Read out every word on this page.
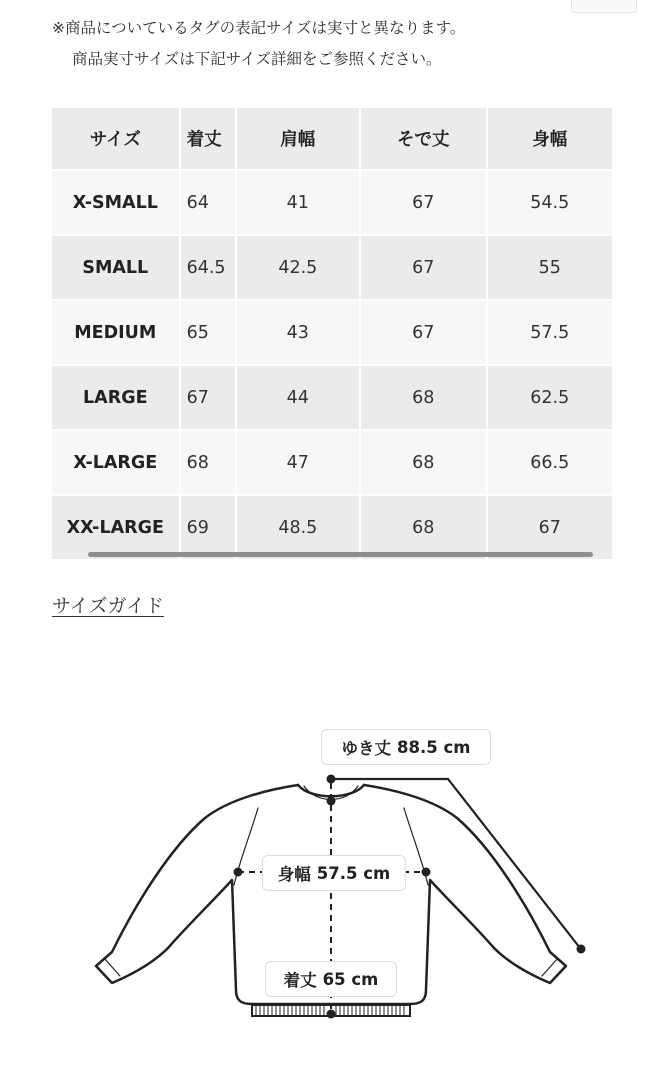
※商品についているタグの表記サイズは実寸と異なります。
商品実寸サイズは下記サイズ詳細をご参照ください。
サイズ	着丈	肩幅	そで丈	身幅
X-SMALL	64	41	67	54.5
SMALL	64.5	42.5	67	55
MEDIUM	65	43	67	57.5
LARGE	67	44	68	62.5
X-LARGE	68	47	68	66.5
XX-LARGE	69	48.5	68	67
サイズガイド
ゆき丈 88.5 cm
身幅 57.5 cm
着丈 65 cm
